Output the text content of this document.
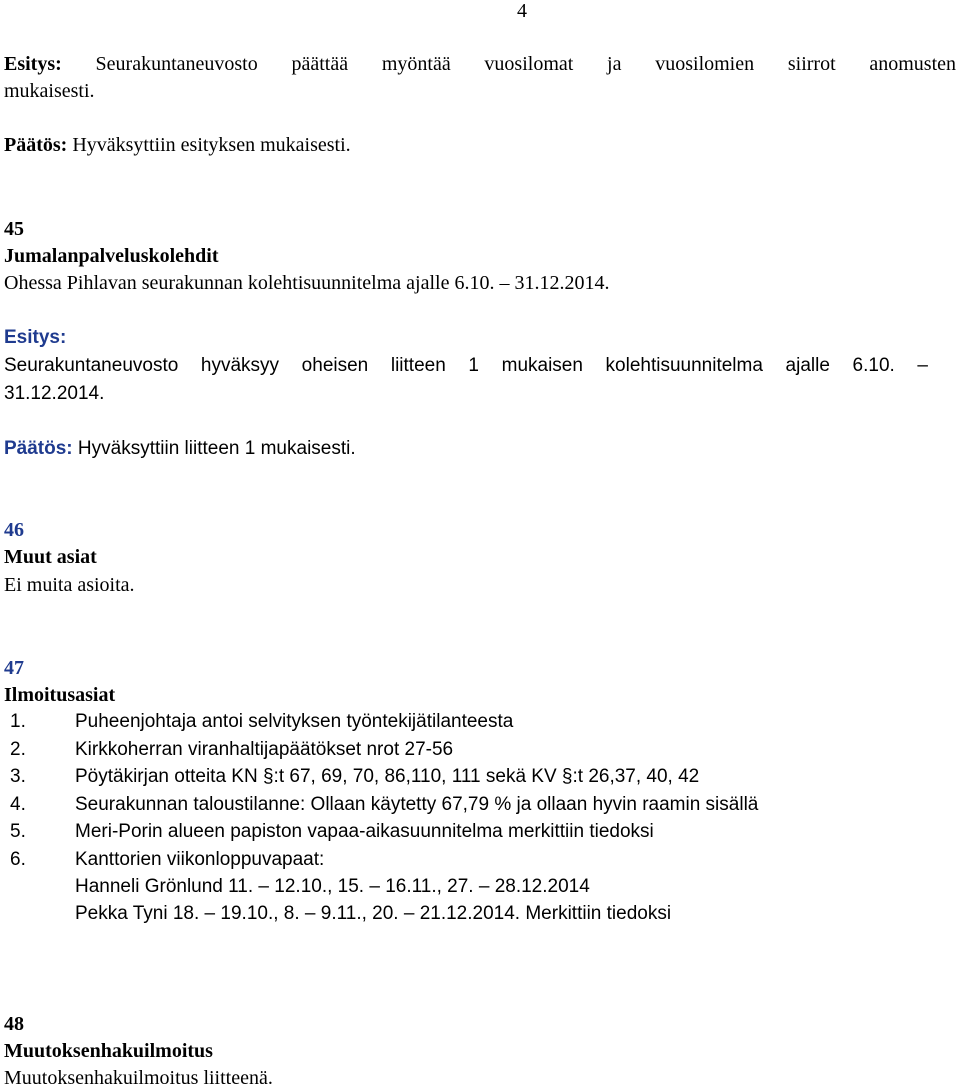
4
Esitys: Seurakuntaneuvosto päättää myöntää vuosilomat ja vuosilomien siirrot anomusten
mukaisesti.
Päätös: Hyväksyttiin esityksen mukaisesti.
45
Jumalanpalveluskolehdit
Ohessa Pihlavan seurakunnan kolehtisuunnitelma ajalle 6.10. – 31.12.2014.
Esitys:
Seurakuntaneuvosto hyväksyy oheisen liitteen 1 mukaisen kolehtisuunnitelma ajalle 6.10. –
31.12.2014.
Päätös: Hyväksyttiin liitteen 1 mukaisesti.
46
Muut asiat
Ei muita asioita.
47
Ilmoitusasiat
1.	Puheenjohtaja antoi selvityksen työntekijätilanteesta
2.	Kirkkoherran viranhaltijapäätökset nrot 27-56
3.	Pöytäkirjan otteita KN §:t 67, 69, 70, 86,110, 111 sekä KV §:t 26,37, 40, 42
4.	Seurakunnan taloustilanne: Ollaan käytetty 67,79 % ja ollaan hyvin raamin sisällä
5.	Meri-Porin alueen papiston vapaa-aikasuunnitelma merkittiin tiedoksi
6.	Kanttorien viikonloppuvapaat:
Hanneli Grönlund 11. – 12.10., 15. – 16.11., 27. – 28.12.2014
Pekka Tyni 18. – 19.10., 8. – 9.11., 20. – 21.12.2014. Merkittiin tiedoksi
48
Muutoksenhakuilmoitus
Muutoksenhakuilmoitus liitteenä.
